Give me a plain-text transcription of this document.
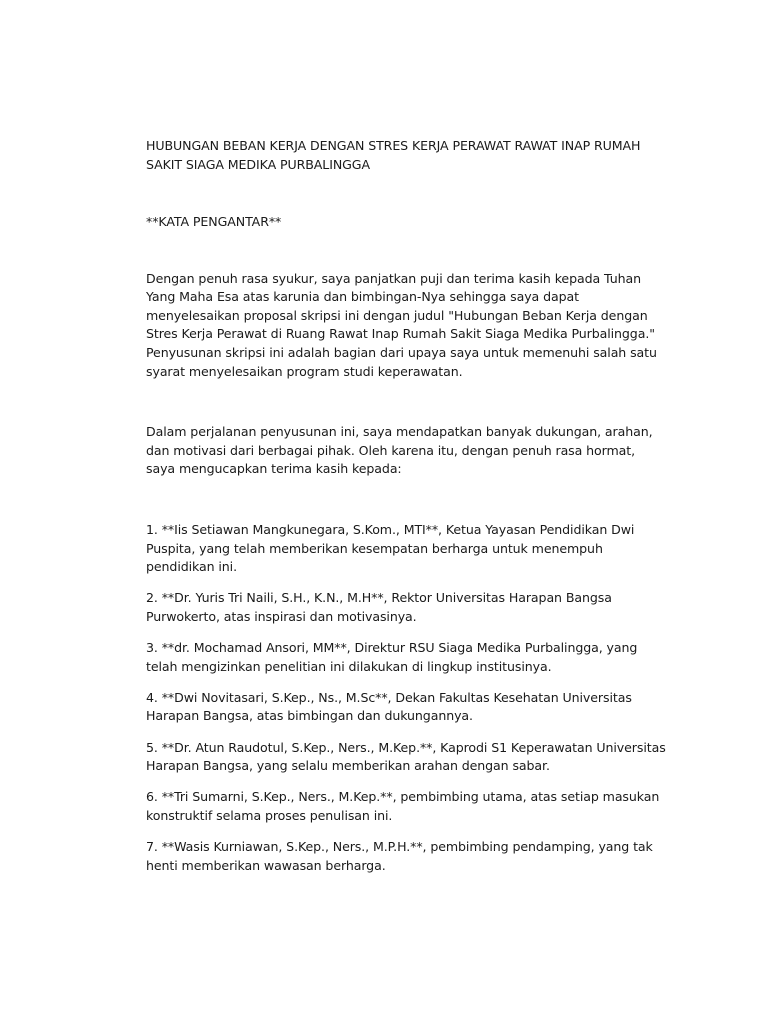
HUBUNGAN BEBAN KERJA DENGAN STRES KERJA PERAWAT RAWAT INAP RUMAH SAKIT SIAGA MEDIKA PURBALINGGA

**KATA PENGANTAR**

Dengan penuh rasa syukur, saya panjatkan puji dan terima kasih kepada Tuhan Yang Maha Esa atas karunia dan bimbingan-Nya sehingga saya dapat menyelesaikan proposal skripsi ini dengan judul "Hubungan Beban Kerja dengan Stres Kerja Perawat di Ruang Rawat Inap Rumah Sakit Siaga Medika Purbalingga." Penyusunan skripsi ini adalah bagian dari upaya saya untuk memenuhi salah satu syarat menyelesaikan program studi keperawatan.

Dalam perjalanan penyusunan ini, saya mendapatkan banyak dukungan, arahan, dan motivasi dari berbagai pihak. Oleh karena itu, dengan penuh rasa hormat, saya mengucapkan terima kasih kepada:

1. **Iis Setiawan Mangkunegara, S.Kom., MTI**, Ketua Yayasan Pendidikan Dwi Puspita, yang telah memberikan kesempatan berharga untuk menempuh pendidikan ini.
2. **Dr. Yuris Tri Naili, S.H., K.N., M.H**, Rektor Universitas Harapan Bangsa Purwokerto, atas inspirasi dan motivasinya.
3. **dr. Mochamad Ansori, MM**, Direktur RSU Siaga Medika Purbalingga, yang telah mengizinkan penelitian ini dilakukan di lingkup institusinya.
4. **Dwi Novitasari, S.Kep., Ns., M.Sc**, Dekan Fakultas Kesehatan Universitas Harapan Bangsa, atas bimbingan dan dukungannya.
5. **Dr. Atun Raudotul, S.Kep., Ners., M.Kep.**, Kaprodi S1 Keperawatan Universitas Harapan Bangsa, yang selalu memberikan arahan dengan sabar.
6. **Tri Sumarni, S.Kep., Ners., M.Kep.**, pembimbing utama, atas setiap masukan konstruktif selama proses penulisan ini.
7. **Wasis Kurniawan, S.Kep., Ners., M.P.H.**, pembimbing pendamping, yang tak henti memberikan wawasan berharga.
